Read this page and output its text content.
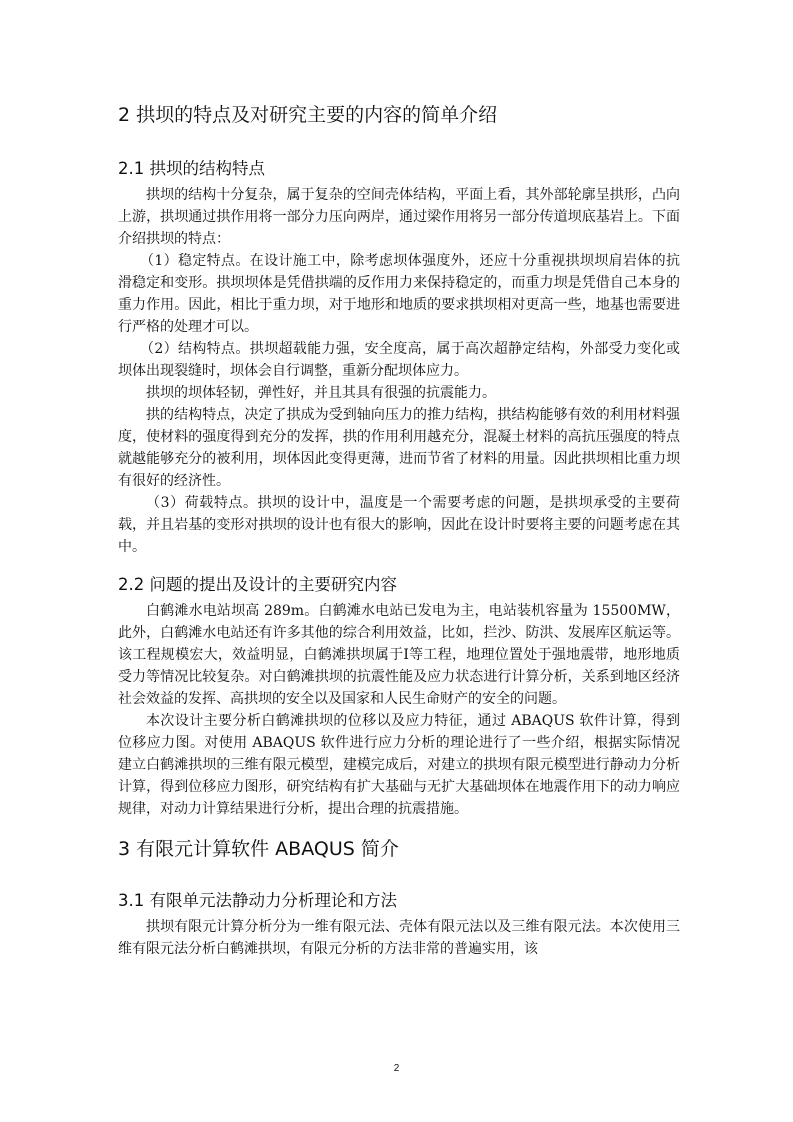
2 拱坝的特点及对研究主要的内容的简单介绍
2.1 拱坝的结构特点

拱坝的结构十分复杂，属于复杂的空间壳体结构，平面上看，其外部轮廓呈拱形，凸向上游，拱坝通过拱作用将一部分力压向两岸，通过梁作用将另一部分传道坝底基岩上。下面介绍拱坝的特点：

（1）稳定特点。在设计施工中，除考虑坝体强度外，还应十分重视拱坝坝肩岩体的抗滑稳定和变形。拱坝坝体是凭借拱端的反作用力来保持稳定的，而重力坝是凭借自己本身的重力作用。因此，相比于重力坝，对于地形和地质的要求拱坝相对更高一些，地基也需要进行严格的处理才可以。

（2）结构特点。拱坝超载能力强，安全度高，属于高次超静定结构，外部受力变化或坝体出现裂缝时，坝体会自行调整，重新分配坝体应力。

拱坝的坝体轻韧，弹性好，并且其具有很强的抗震能力。

拱的结构特点，决定了拱成为受到轴向压力的推力结构，拱结构能够有效的利用材料强度，使材料的强度得到充分的发挥，拱的作用利用越充分，混凝土材料的高抗压强度的特点就越能够充分的被利用，坝体因此变得更薄，进而节省了材料的用量。因此拱坝相比重力坝有很好的经济性。

（3）荷载特点。拱坝的设计中，温度是一个需要考虑的问题，是拱坝承受的主要荷载，并且岩基的变形对拱坝的设计也有很大的影响，因此在设计时要将主要的问题考虑在其中。

2.2 问题的提出及设计的主要研究内容

白鹤滩水电站坝高 289m。白鹤滩水电站已发电为主，电站装机容量为 15500MW，此外，白鹤滩水电站还有许多其他的综合利用效益，比如，拦沙、防洪、发展库区航运等。该工程规模宏大，效益明显，白鹤滩拱坝属于Ⅰ等工程，地理位置处于强地震带，地形地质受力等情况比较复杂。对白鹤滩拱坝的抗震性能及应力状态进行计算分析，关系到地区经济社会效益的发挥、高拱坝的安全以及国家和人民生命财产的安全的问题。

本次设计主要分析白鹤滩拱坝的位移以及应力特征，通过 ABAQUS 软件计算，得到位移应力图。对使用 ABAQUS 软件进行应力分析的理论进行了一些介绍，根据实际情况建立白鹤滩拱坝的三维有限元模型，建模完成后，对建立的拱坝有限元模型进行静动力分析计算，得到位移应力图形，研究结构有扩大基础与无扩大基础坝体在地震作用下的动力响应规律，对动力计算结果进行分析，提出合理的抗震措施。

3 有限元计算软件 ABAQUS 简介
3.1 有限单元法静动力分析理论和方法

拱坝有限元计算分析分为一维有限元法、壳体有限元法以及三维有限元法。本次使用三维有限元法分析白鹤滩拱坝，有限元分析的方法非常的普遍实用，该

2
